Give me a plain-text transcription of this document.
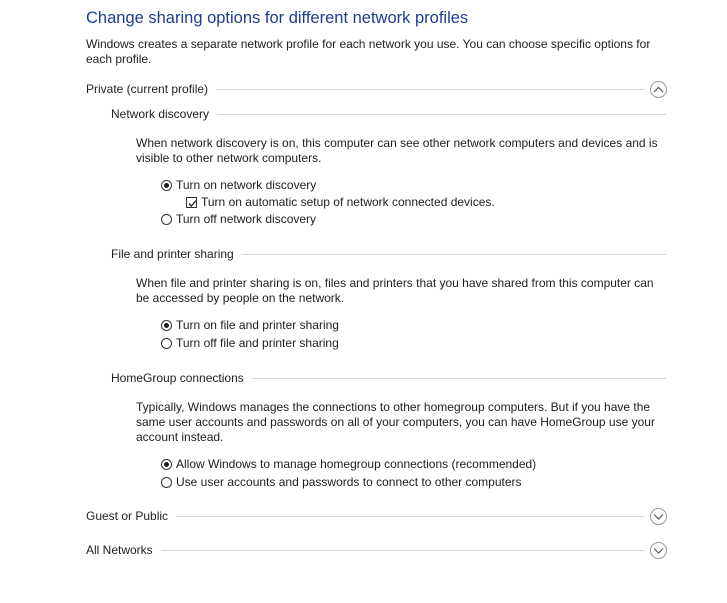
Change sharing options for different network profiles
Windows creates a separate network profile for each network you use. You can choose specific options for each profile.
Private (current profile)
Network discovery
When network discovery is on, this computer can see other network computers and devices and is visible to other network computers.
Turn on network discovery
Turn on automatic setup of network connected devices.
Turn off network discovery
File and printer sharing
When file and printer sharing is on, files and printers that you have shared from this computer can be accessed by people on the network.
Turn on file and printer sharing
Turn off file and printer sharing
HomeGroup connections
Typically, Windows manages the connections to other homegroup computers. But if you have the same user accounts and passwords on all of your computers, you can have HomeGroup use your account instead.
Allow Windows to manage homegroup connections (recommended)
Use user accounts and passwords to connect to other computers
Guest or Public
All Networks
